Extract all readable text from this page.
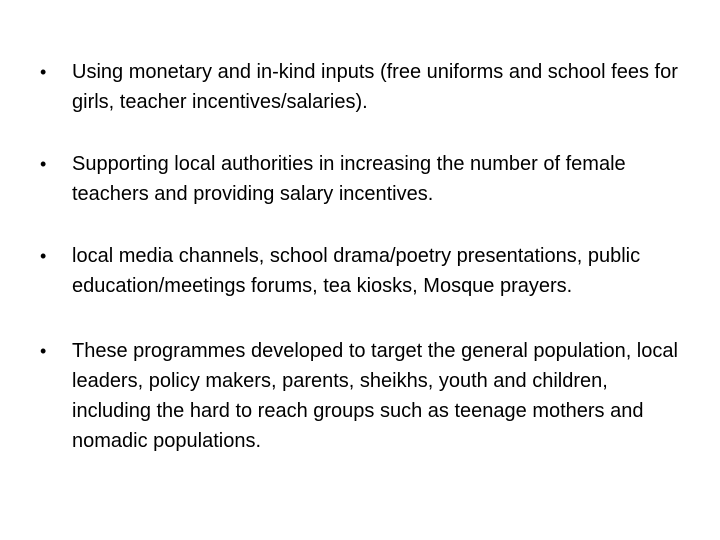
•	Using monetary and in-kind inputs (free uniforms and school fees for girls, teacher incentives/salaries).
•	Supporting local authorities in increasing the number of female teachers and providing salary incentives.
•	local media channels, school drama/poetry presentations, public education/meetings forums, tea kiosks, Mosque prayers.
•	These programmes developed to target the general population, local leaders, policy makers, parents, sheikhs, youth and children, including the hard to reach groups such as teenage mothers and nomadic populations.
